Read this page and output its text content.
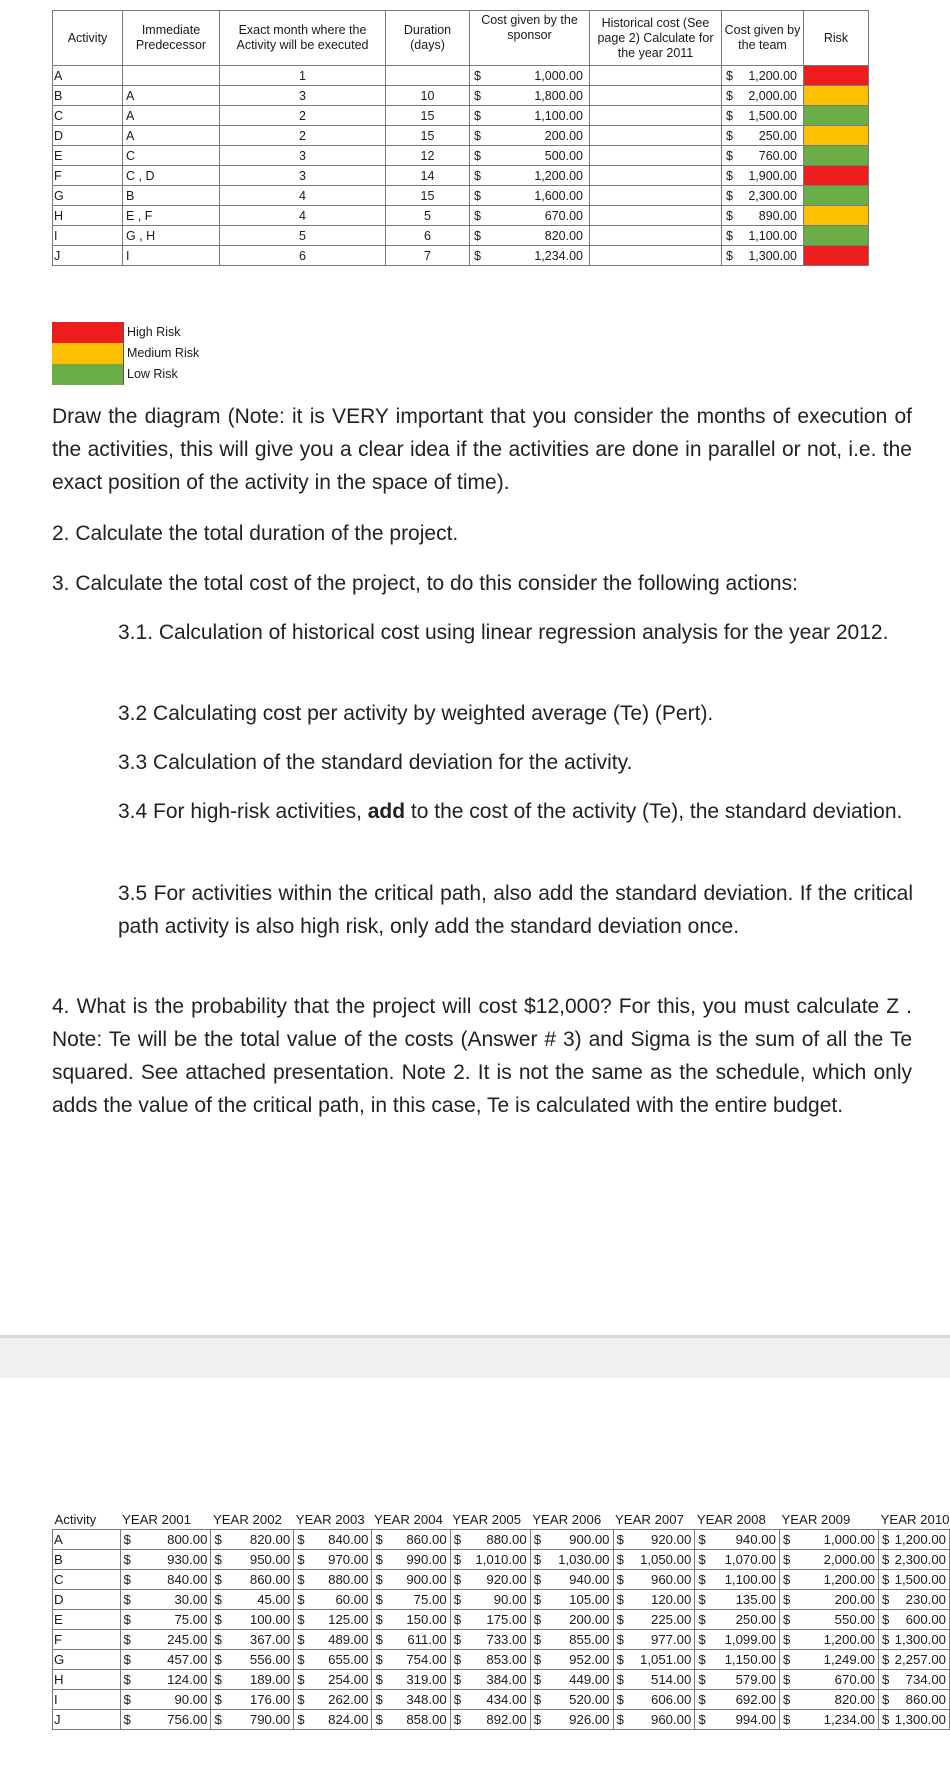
Activity	Immediate Predecessor	Exact month where the Activity will be executed	Duration (days)	Cost given by the sponsor	Historical cost (See page 2) Calculate for the year 2011	Cost given by the team	Risk
A		1		$ 1,000.00		$ 1,200.00	

B	A	3	10	$ 1,800.00		$ 2,000.00	

C	A	2	15	$ 1,100.00		$ 1,500.00	

D	A	2	15	$ 200.00		$ 250.00	

E	C	3	12	$ 500.00		$ 760.00	

F	C , D	3	14	$ 1,200.00		$ 1,900.00	

G	B	4	15	$ 1,600.00		$ 2,300.00	

H	E , F	4	5	$ 670.00		$ 890.00	

I	G , H	5	6	$ 820.00		$ 1,100.00	

J	I	6	7	$ 1,234.00		$ 1,300.00	

High Risk
Medium Risk
Low Risk
Draw the diagram (Note: it is VERY important that you consider the months of execution of the activities, this will give you a clear idea if the activities are done in parallel or not, i.e. the exact position of the activity in the space of time).
2. Calculate the total duration of the project.
3. Calculate the total cost of the project, to do this consider the following actions:
3.1. Calculation of historical cost using linear regression analysis for the year 2012.
3.2 Calculating cost per activity by weighted average (Te) (Pert).
3.3 Calculation of the standard deviation for the activity.
3.4 For high-risk activities, add to the cost of the activity (Te), the standard deviation.
3.5 For activities within the critical path, also add the standard deviation. If the critical path activity is also high risk, only add the standard deviation once.
4. What is the probability that the project will cost $12,000? For this, you must calculate Z . Note: Te will be the total value of the costs (Answer # 3) and Sigma is the sum of all the Te squared. See attached presentation. Note 2. It is not the same as the schedule, which only adds the value of the critical path, in this case, Te is calculated with the entire budget.
Activity	YEAR 2001	YEAR 2002	YEAR 2003	YEAR 2004	YEAR 2005	YEAR 2006	YEAR 2007	YEAR 2008	YEAR 2009	YEAR 2010
A	$ 800.00	$ 820.00	$ 840.00	$ 860.00	$ 880.00	$ 900.00	$ 920.00	$ 940.00	$ 1,000.00	$ 1,200.00

B	$ 930.00	$ 950.00	$ 970.00	$ 990.00	$ 1,010.00	$ 1,030.00	$ 1,050.00	$ 1,070.00	$ 2,000.00	$ 2,300.00

C	$ 840.00	$ 860.00	$ 880.00	$ 900.00	$ 920.00	$ 940.00	$ 960.00	$ 1,100.00	$ 1,200.00	$ 1,500.00

D	$ 30.00	$ 45.00	$ 60.00	$ 75.00	$ 90.00	$ 105.00	$ 120.00	$ 135.00	$ 200.00	$ 230.00

E	$ 75.00	$ 100.00	$ 125.00	$ 150.00	$ 175.00	$ 200.00	$ 225.00	$ 250.00	$ 550.00	$ 600.00

F	$ 245.00	$ 367.00	$ 489.00	$ 611.00	$ 733.00	$ 855.00	$ 977.00	$ 1,099.00	$ 1,200.00	$ 1,300.00

G	$ 457.00	$ 556.00	$ 655.00	$ 754.00	$ 853.00	$ 952.00	$ 1,051.00	$ 1,150.00	$ 1,249.00	$ 2,257.00

H	$ 124.00	$ 189.00	$ 254.00	$ 319.00	$ 384.00	$ 449.00	$ 514.00	$ 579.00	$ 670.00	$ 734.00

I	$ 90.00	$ 176.00	$ 262.00	$ 348.00	$ 434.00	$ 520.00	$ 606.00	$ 692.00	$ 820.00	$ 860.00

J	$ 756.00	$ 790.00	$ 824.00	$ 858.00	$ 892.00	$ 926.00	$ 960.00	$ 994.00	$ 1,234.00	$ 1,300.00
